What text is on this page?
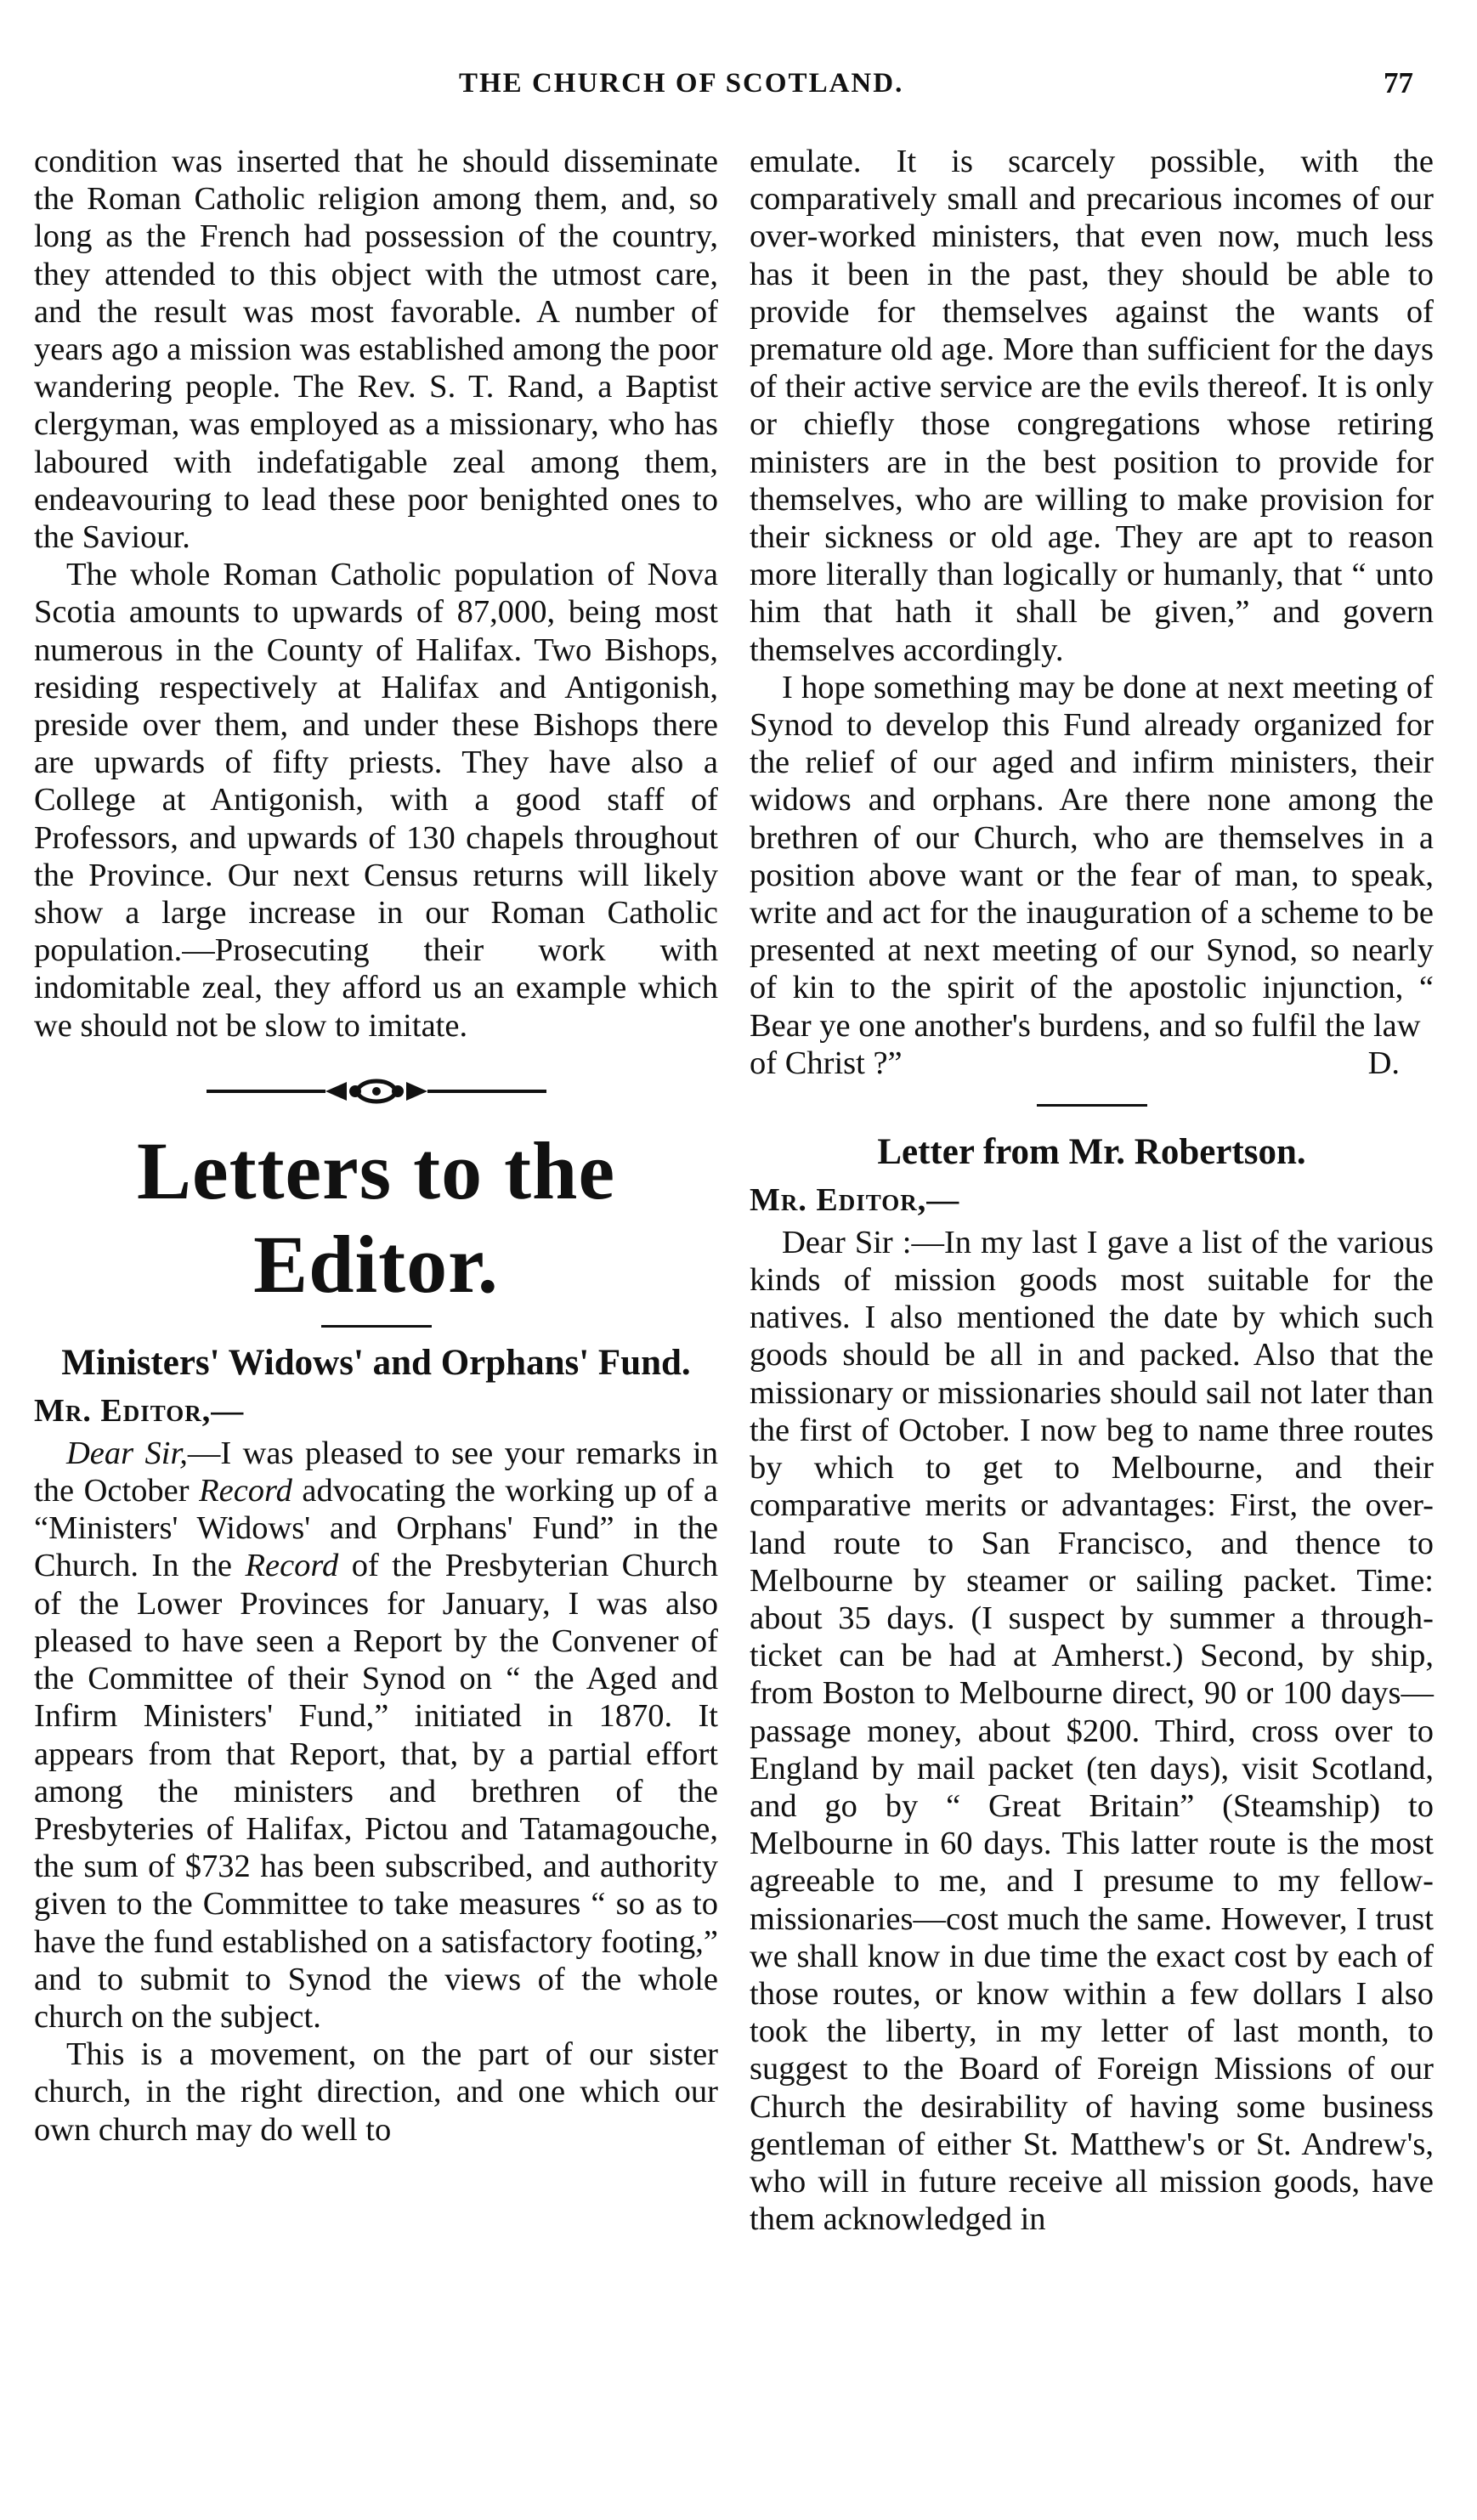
THE CHURCH OF SCOTLAND.	77

condition was inserted that he should disseminate the Roman Catholic religion among them, and, so long as the French had possession of the country, they attended to this object with the utmost care, and the result was most favorable. A number of years ago a mission was established among the poor wandering people. The Rev. S. T. Rand, a Baptist clergyman, was employed as a missionary, who has laboured with indefatigable zeal among them, endeavouring to lead these poor benighted ones to the Saviour.

The whole Roman Catholic population of Nova Scotia amounts to upwards of 87,000, being most numerous in the County of Halifax. Two Bishops, residing respectively at Halifax and Antigonish, preside over them, and under these Bishops there are upwards of fifty priests. They have also a College at Antigonish, with a good staff of Professors, and upwards of 130 chapels throughout the Province. Our next Census returns will likely show a large increase in our Roman Catholic population.—Prosecuting their work with indomitable zeal, they afford us an example which we should not be slow to imitate.

Letters to the Editor.
Ministers' Widows' and Orphans' Fund.
Mr. Editor,—

Dear Sir,—I was pleased to see your remarks in the October Record advocating the working up of a “Ministers' Widows' and Orphans' Fund” in the Church. In the Record of the Presbyterian Church of the Lower Provinces for January, I was also pleased to have seen a Report by the Convener of the Committee of their Synod on “ the Aged and Infirm Ministers' Fund,” initiated in 1870. It appears from that Report, that, by a partial effort among the ministers and brethren of the Presbyteries of Halifax, Pictou and Tatamagouche, the sum of $732 has been subscribed, and authority given to the Committee to take measures “ so as to have the fund established on a satisfactory footing,” and to submit to Synod the views of the whole church on the subject.

This is a movement, on the part of our sister church, in the right direction, and one which our own church may do well to

emulate. It is scarcely possible, with the comparatively small and precarious incomes of our over-worked ministers, that even now, much less has it been in the past, they should be able to provide for themselves against the wants of premature old age. More than sufficient for the days of their active service are the evils thereof. It is only or chiefly those congregations whose retiring ministers are in the best position to provide for themselves, who are willing to make provision for their sickness or old age. They are apt to reason more literally than logically or humanly, that “ unto him that hath it shall be given,” and govern themselves accordingly.

I hope something may be done at next meeting of Synod to develop this Fund already organized for the relief of our aged and infirm ministers, their widows and orphans. Are there none among the brethren of our Church, who are themselves in a position above want or the fear of man, to speak, write and act for the inauguration of a scheme to be presented at next meeting of our Synod, so nearly of kin to the spirit of the apostolic injunction, “ Bear ye one another's burdens, and so fulfil the law

of Christ ?”	D.
Letter from Mr. Robertson.
Mr. Editor,—

Dear Sir :—In my last I gave a list of the various kinds of mission goods most suitable for the natives. I also mentioned the date by which such goods should be all in and packed. Also that the missionary or missionaries should sail not later than the first of October. I now beg to name three routes by which to get to Melbourne, and their comparative merits or advantages: First, the over-land route to San Francisco, and thence to Melbourne by steamer or sailing packet. Time: about 35 days. (I suspect by summer a through-ticket can be had at Amherst.) Second, by ship, from Boston to Melbourne direct, 90 or 100 days—passage money, about $200. Third, cross over to England by mail packet (ten days), visit Scotland, and go by “ Great Britain” (Steamship) to Melbourne in 60 days. This latter route is the most agreeable to me, and I presume to my fellow-missionaries—cost much the same. However, I trust we shall know in due time the exact cost by each of those routes, or know within a few dollars I also took the liberty, in my letter of last month, to suggest to the Board of Foreign Missions of our Church the desirability of having some business gentleman of either St. Matthew's or St. Andrew's, who will in future receive all mission goods, have them acknowledged in
